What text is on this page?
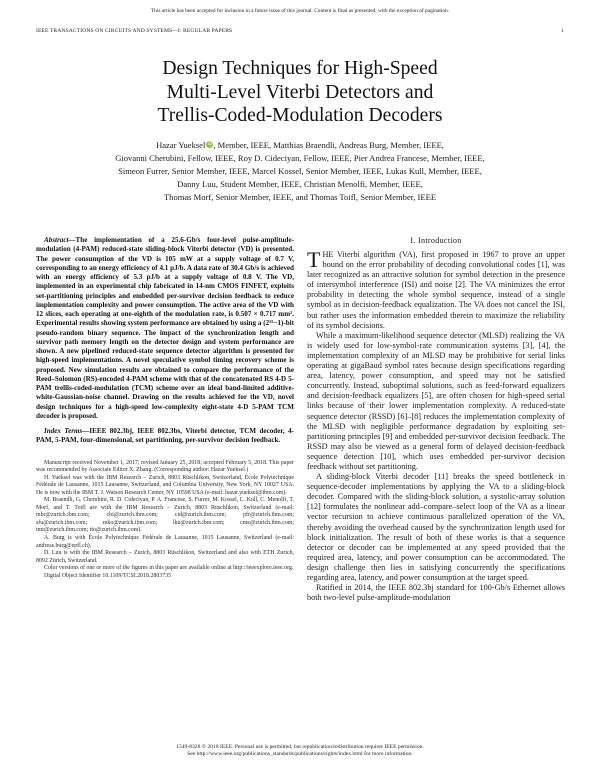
This article has been accepted for inclusion in a future issue of this journal. Content is final as presented, with the exception of pagination.
IEEE TRANSACTIONS ON CIRCUITS AND SYSTEMS—I: REGULAR PAPERS	1
Design Techniques for High-Speed
Multi-Level Viterbi Detectors and
Trellis-Coded-Modulation Decoders
Hazar Yueksel iD, Member, IEEE, Matthias Braendli, Andreas Burg, Member, IEEE,
Giovanni Cherubini, Fellow, IEEE, Roy D. Cideciyan, Fellow, IEEE, Pier Andrea Francese, Member, IEEE,
Simeon Furrer, Senior Member, IEEE, Marcel Kossel, Senior Member, IEEE, Lukas Kull, Member, IEEE,
Danny Luu, Student Member, IEEE, Christian Menolfi, Member, IEEE,
Thomas Morf, Senior Member, IEEE, and Thomas Toifl, Senior Member, IEEE

Abstract—The implementation of a 25.6-Gb/s four-level pulse-amplitude-modulation (4-PAM) reduced-state sliding-block Viterbi detector (VD) is presented. The power consumption of the VD is 105 mW at a supply voltage of 0.7 V, corresponding to an energy efficiency of 4.1 pJ/b. A data rate of 30.4 Gb/s is achieved with an energy efficiency of 5.3 pJ/b at a supply voltage of 0.8 V. The VD, implemented in an experimental chip fabricated in 14-nm CMOS FINFET, exploits set-partitioning principles and embedded per-survivor decision feedback to reduce implementation complexity and power consumption. The active area of the VD with 12 slices, each operating at one-eighth of the modulation rate, is 0.507 × 0.717 mm². Experimental results showing system performance are obtained by using a (2¹⁵−1)-bit pseudo-random binary sequence. The impact of the synchronization length and survivor path memory length on the detector design and system performance are shown. A new pipelined reduced-state sequence detector algorithm is presented for high-speed implementations. A novel speculative symbol timing recovery scheme is proposed. New simulation results are obtained to compare the performance of the Reed–Solomon (RS)-encoded 4-PAM scheme with that of the concatenated RS 4-D 5-PAM trellis-coded-modulation (TCM) scheme over an ideal band-limited additive-white-Gaussian-noise channel. Drawing on the results achieved for the VD, novel design techniques for a high-speed low-complexity eight-state 4-D 5-PAM TCM decoder is proposed.

Index Terms—IEEE 802.3bj, IEEE 802.3bs, Viterbi detector, TCM decoder, 4-PAM, 5-PAM, four-dimensional, set partitioning, per-survivor decision feedback.

Manuscript received November 1, 2017; revised January 25, 2018; accepted February 5, 2018. This paper was recommended by Associate Editor X. Zhang. (Corresponding author: Hazar Yueksel.)

H. Yueksel was with the IBM Research – Zurich, 8803 Rüschlikon, Switzerland, École Polytechnique Fédérale de Lausanne, 1015 Lausanne, Switzerland, and Columbia University, New York, NY 10027 USA. He is now with the IBM T. J. Watson Research Center, NY 10598 USA (e-mail: hazar.yueksel@ibm.com).

M. Braendli, G. Cherubini, R. D. Cideciyan, P. A. Francese, S. Furrer, M. Kossel, L. Kull, C. Menolfi, T. Morf, and T. Toifl are with the IBM Research – Zurich, 8803 Rüschlikon, Switzerland (e-mail: mbr@zurich.ibm.com; cbi@zurich.ibm.com; cid@zurich.ibm.com; pfr@zurich.ibm.com; sfu@zurich.ibm.com; mko@zurich.ibm.com; lku@zurich.ibm.com; cme@zurich.ibm.com; tmr@zurich.ibm.com; tto@zurich.ibm.com).

A. Burg is with École Polytechnique Fédérale de Lausanne, 1015 Lausanne, Switzerland (e-mail: andreas.burg@epfl.ch).

D. Luu is with the IBM Research – Zurich, 8803 Rüschlikon, Switzerland and also with ETH Zurich, 8092 Zürich, Switzerland.

Color versions of one or more of the figures in this paper are available online at http://ieeexplore.ieee.org.

Digital Object Identifier 10.1109/TCSI.2018.2803735

I. Introduction

THE Viterbi algorithm (VA), first proposed in 1967 to prove an upper bound on the error probability of decoding convolutional codes [1], was later recognized as an attractive solution for symbol detection in the presence of intersymbol interference (ISI) and noise [2]. The VA minimizes the error probability in detecting the whole symbol sequence, instead of a single symbol as in decision-feedback equalization. The VA does not cancel the ISI, but rather uses the information embedded therein to maximize the reliability of its symbol decisions.

While a maximum-likelihood sequence detector (MLSD) realizing the VA is widely used for low-symbol-rate communication systems [3], [4], the implementation complexity of an MLSD may be prohibitive for serial links operating at gigaBaud symbol rates because design specifications regarding area, latency, power consumption, and speed may not be satisfied concurrently. Instead, suboptimal solutions, such as feed-forward equalizers and decision-feedback equalizers [5], are often chosen for high-speed serial links because of their lower implementation complexity. A reduced-state sequence detector (RSSD) [6]–[8] reduces the implementation complexity of the MLSD with negligible performance degradation by exploiting set-partitioning principles [9] and embedded per-survivor decision feedback. The RSSD may also be viewed as a general form of delayed decision-feedback sequence detection [10], which uses embedded per-survivor decision feedback without set partitioning.

A sliding-block Viterbi decoder [11] breaks the speed bottleneck in sequence-decoder implementations by applying the VA to a sliding-block decoder. Compared with the sliding-block solution, a systolic-array solution [12] formulates the nonlinear add–compare–select loop of the VA as a linear vector recursion to achieve continuous parallelized operation of the VA, thereby avoiding the overhead caused by the synchronization length used for block initialization. The result of both of these works is that a sequence detector or decoder can be implemented at any speed provided that the required area, latency, and power consumption can be accommodated. The design challenge then lies in satisfying concurrently the specifications regarding area, latency, and power consumption at the target speed.

Ratified in 2014, the IEEE 802.3bj standard for 100-Gb/s Ethernet allows both two-level pulse-amplitude-modulation

1549-8328 © 2018 IEEE. Personal use is permitted, but republication/redistribution requires IEEE permission.
See http://www.ieee.org/publications_standards/publications/rights/index.html for more information.
